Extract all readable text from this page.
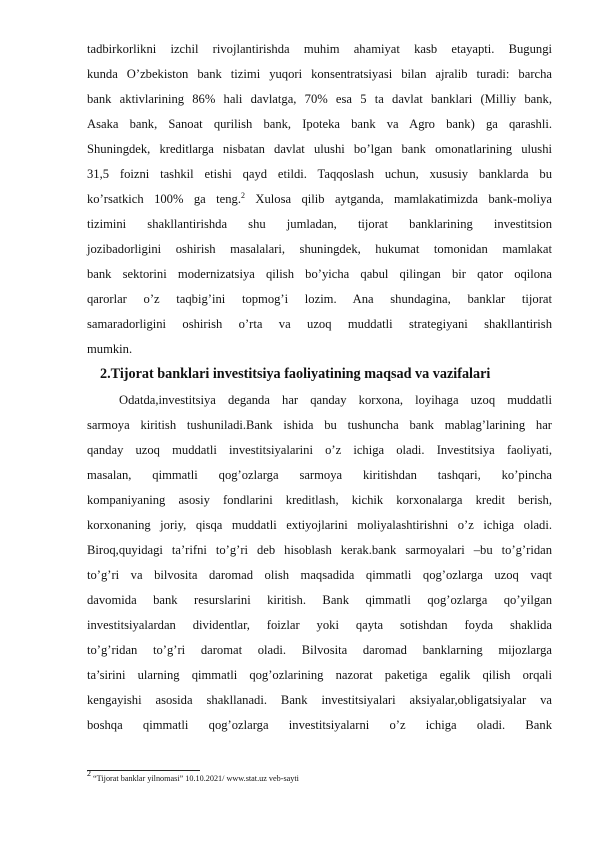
tadbirkorlikni izchil rivojlantirishda muhim ahamiyat kasb etayapti. Bugungi
kunda O’zbekiston bank tizimi yuqori konsentratsiyasi bilan ajralib turadi: barcha
bank aktivlarining 86% hali davlatga, 70% esa 5 ta davlat banklari (Milliy bank,
Asaka bank, Sanoat qurilish bank, Ipoteka bank va Agro bank) ga qarashli.
Shuningdek, kreditlarga nisbatan davlat ulushi bo’lgan bank omonatlarining ulushi
31,5 foizni tashkil etishi qayd etildi. Taqqoslash uchun, xususiy banklarda bu
ko’rsatkich 100% ga teng.$^2$ Xulosa qilib aytganda, mamlakatimizda bank-moliya
tizimini shakllantirishda shu jumladan, tijorat banklarining investitsion
jozibadorligini oshirish masalalari, shuningdek, hukumat tomonidan mamlakat
bank sektorini modernizatsiya qilish bo’yicha qabul qilingan bir qator oqilona
qarorlar o’z taqbig’ini topmog’i lozim. Ana shundagina, banklar tijorat
samaradorligini oshirish o’rta va uzoq muddatli strategiyani shakllantirish
mumkin.
2.Tijorat banklari investitsiya faoliyatining maqsad va vazifalari
Odatda,investitsiya deganda har qanday korxona, loyihaga uzoq muddatli
sarmoya kiritish tushuniladi.Bank ishida bu tushuncha bank mablag’larining har
qanday uzoq muddatli investitsiyalarini o’z ichiga oladi. Investitsiya faoliyati,
masalan, qimmatli qog’ozlarga sarmoya kiritishdan tashqari, ko’pincha
kompaniyaning asosiy fondlarini kreditlash, kichik korxonalarga kredit berish,
korxonaning joriy, qisqa muddatli extiyojlarini moliyalashtirishni o’z ichiga oladi.
Biroq,quyidagi ta’rifni to’g’ri deb hisoblash kerak.bank sarmoyalari –bu to’g’ridan
to’g’ri va bilvosita daromad olish maqsadida qimmatli qog’ozlarga uzoq vaqt
davomida bank resurslarini kiritish. Bank qimmatli qog’ozlarga qo’yilgan
investitsiyalardan dividentlar, foizlar yoki qayta sotishdan foyda shaklida
to’g’ridan to’g’ri daromat oladi. Bilvosita daromad banklarning mijozlarga
ta’sirini ularning qimmatli qog’ozlarining nazorat paketiga egalik qilish orqali
kengayishi asosida shakllanadi. Bank investitsiyalari aksiyalar,obligatsiyalar va
boshqa qimmatli qog’ozlarga investitsiyalarni o’z ichiga oladi. Bank
$^2$ “Tijorat banklar yilnomasi” 10.10.2021/ www.stat.uz veb-sayti
